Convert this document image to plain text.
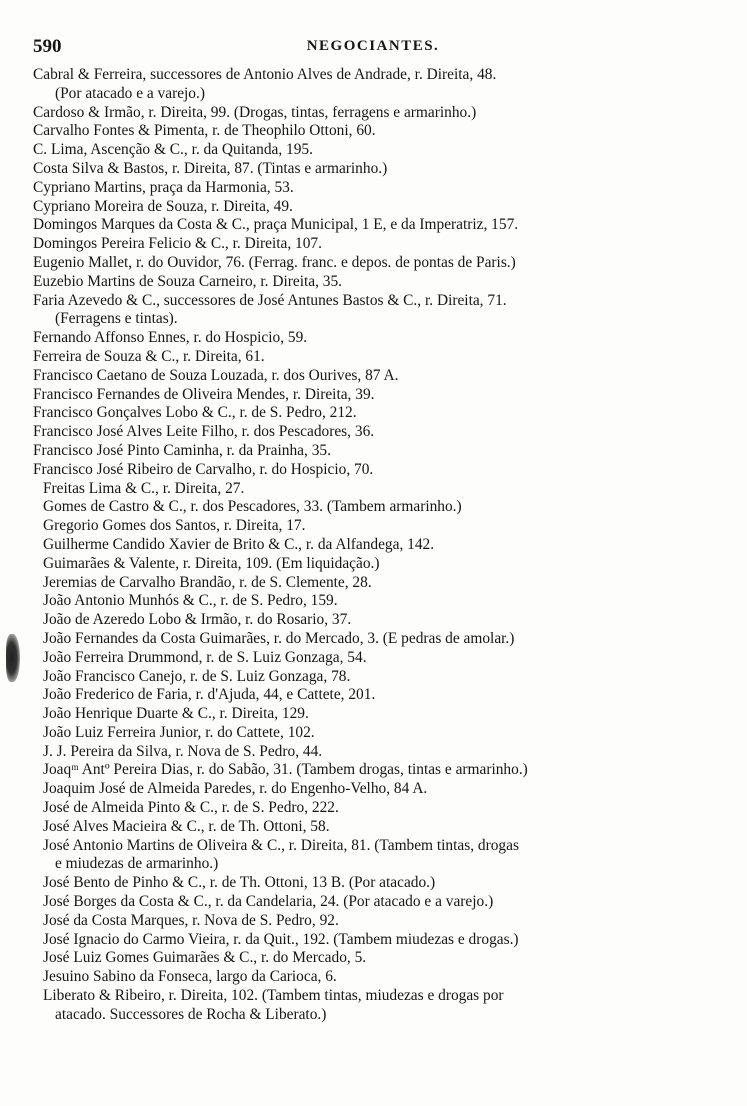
590	NEGOCIANTES.
Cabral & Ferreira, successores de Antonio Alves de Andrade, r. Direita, 48.
(Por atacado e a varejo.)
Cardoso & Irmão, r. Direita, 99. (Drogas, tintas, ferragens e armarinho.)
Carvalho Fontes & Pimenta, r. de Theophilo Ottoni, 60.
C. Lima, Ascenção & C., r. da Quitanda, 195.
Costa Silva & Bastos, r. Direita, 87. (Tintas e armarinho.)
Cypriano Martins, praça da Harmonia, 53.
Cypriano Moreira de Souza, r. Direita, 49.
Domingos Marques da Costa & C., praça Municipal, 1 E, e da Imperatriz, 157.
Domingos Pereira Felicio & C., r. Direita, 107.
Eugenio Mallet, r. do Ouvidor, 76. (Ferrag. franc. e depos. de pontas de Paris.)
Euzebio Martins de Souza Carneiro, r. Direita, 35.
Faria Azevedo & C., successores de José Antunes Bastos & C., r. Direita, 71.
(Ferragens e tintas).
Fernando Affonso Ennes, r. do Hospicio, 59.
Ferreira de Souza & C., r. Direita, 61.
Francisco Caetano de Souza Louzada, r. dos Ourives, 87 A.
Francisco Fernandes de Oliveira Mendes, r. Direita, 39.
Francisco Gonçalves Lobo & C., r. de S. Pedro, 212.
Francisco José Alves Leite Filho, r. dos Pescadores, 36.
Francisco José Pinto Caminha, r. da Prainha, 35.
Francisco José Ribeiro de Carvalho, r. do Hospicio, 70.
Freitas Lima & C., r. Direita, 27.
Gomes de Castro & C., r. dos Pescadores, 33. (Tambem armarinho.)
Gregorio Gomes dos Santos, r. Direita, 17.
Guilherme Candido Xavier de Brito & C., r. da Alfandega, 142.
Guimarães & Valente, r. Direita, 109. (Em liquidação.)
Jeremias de Carvalho Brandão, r. de S. Clemente, 28.
João Antonio Munhós & C., r. de S. Pedro, 159.
João de Azeredo Lobo & Irmão, r. do Rosario, 37.
João Fernandes da Costa Guimarães, r. do Mercado, 3. (E pedras de amolar.)
João Ferreira Drummond, r. de S. Luiz Gonzaga, 54.
João Francisco Canejo, r. de S. Luiz Gonzaga, 78.
João Frederico de Faria, r. d'Ajuda, 44, e Cattete, 201.
João Henrique Duarte & C., r. Direita, 129.
João Luiz Ferreira Junior, r. do Cattete, 102.
J. J. Pereira da Silva, r. Nova de S. Pedro, 44.
Joaqᵐ Antº Pereira Dias, r. do Sabão, 31. (Tambem drogas, tintas e armarinho.)
Joaquim José de Almeida Paredes, r. do Engenho-Velho, 84 A.
José de Almeida Pinto & C., r. de S. Pedro, 222.
José Alves Macieira & C., r. de Th. Ottoni, 58.
José Antonio Martins de Oliveira & C., r. Direita, 81. (Tambem tintas, drogas
e miudezas de armarinho.)
José Bento de Pinho & C., r. de Th. Ottoni, 13 B. (Por atacado.)
José Borges da Costa & C., r. da Candelaria, 24. (Por atacado e a varejo.)
José da Costa Marques, r. Nova de S. Pedro, 92.
José Ignacio do Carmo Vieira, r. da Quit., 192. (Tambem miudezas e drogas.)
José Luiz Gomes Guimarães & C., r. do Mercado, 5.
Jesuino Sabino da Fonseca, largo da Carioca, 6.
Liberato & Ribeiro, r. Direita, 102. (Tambem tintas, miudezas e drogas por
atacado. Successores de Rocha & Liberato.)
